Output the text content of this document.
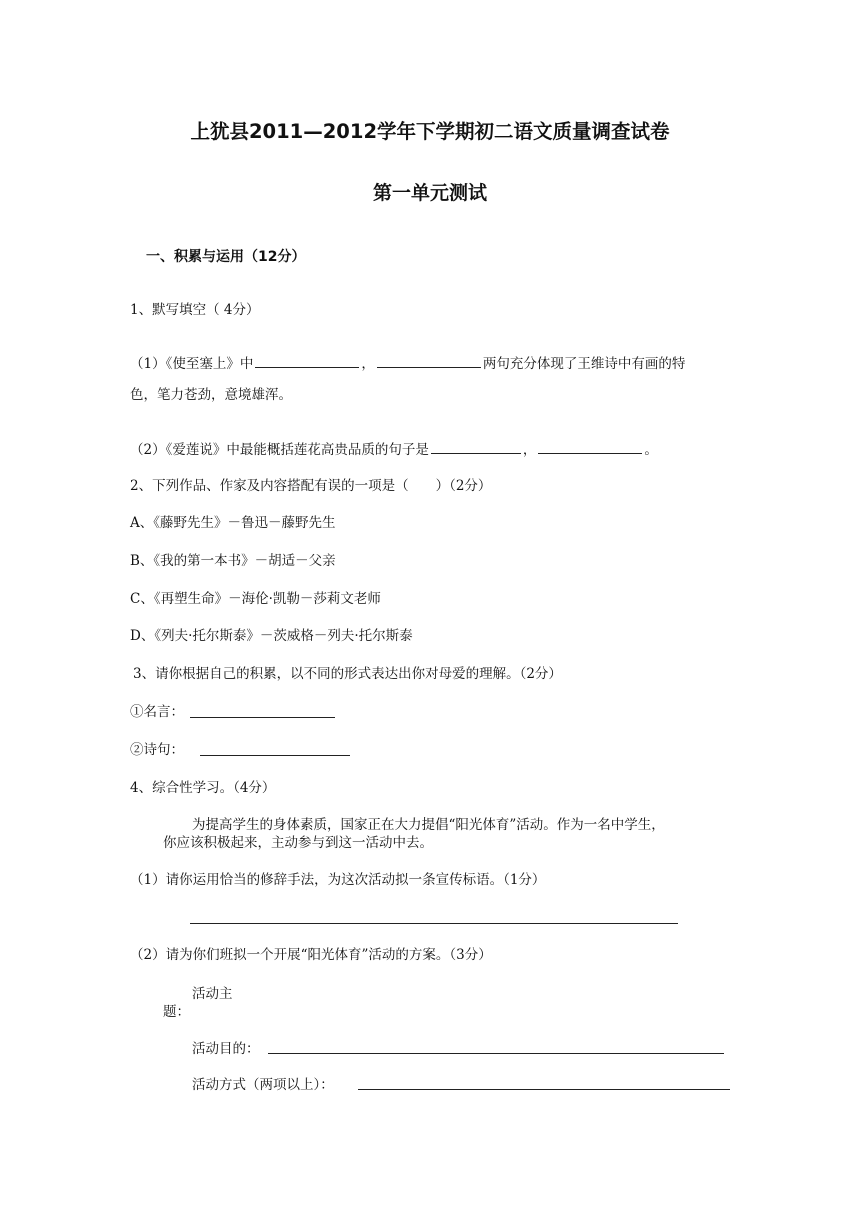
上犹县2011—2012学年下学期初二语文质量调查试卷
第一单元测试
一、积累与运用（12分）
1、默写填空（ 4分）
（1）《使至塞上》中	，	两句充分体现了王维诗中有画的特
色，笔力苍劲，意境雄浑。
（2）《爱莲说》中最能概括莲花高贵品质的句子是	，	。
2、下列作品、作家及内容搭配有误的一项是（　　）（2分）
A、《藤野先生》－鲁迅－藤野先生
B、《我的第一本书》－胡适－父亲
C、《再塑生命》－海伦·凯勒－莎莉文老师
D、《列夫·托尔斯泰》－茨威格－列夫·托尔斯泰
3、请你根据自己的积累，以不同的形式表达出你对母爱的理解。（2分）
①名言：
②诗句：
4、综合性学习。（4分）
为提高学生的身体素质，国家正在大力提倡“阳光体育”活动。作为一名中学生，
你应该积极起来，主动参与到这一活动中去。
（1）请你运用恰当的修辞手法，为这次活动拟一条宣传标语。（1分）
（2）请为你们班拟一个开展“阳光体育”活动的方案。（3分）
活动主
题：
活动目的：
活动方式（两项以上）：
